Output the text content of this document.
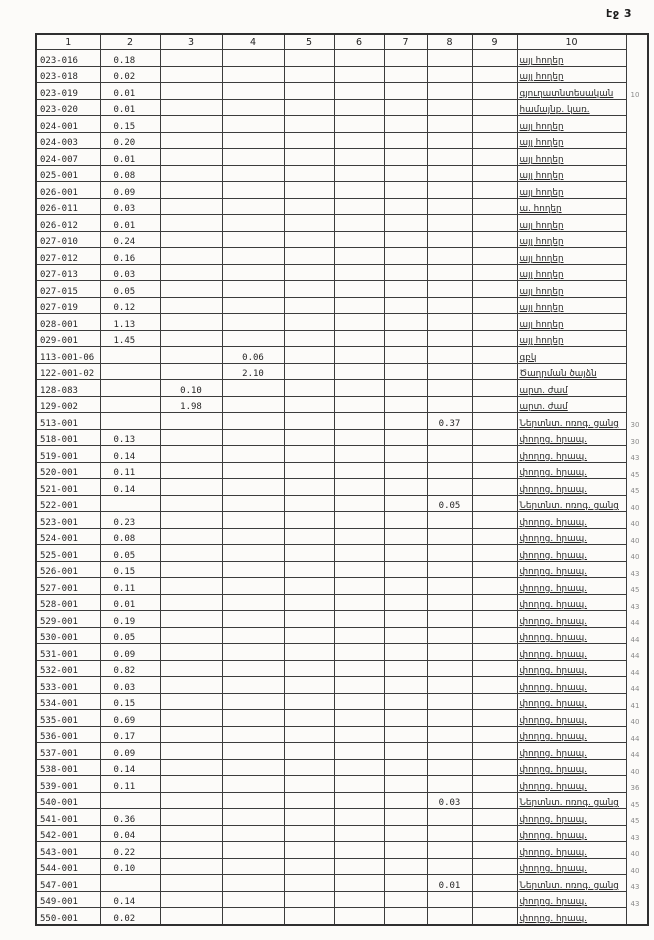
էջ 3
1	2	3	4	5	6	7	8	9	10	
023-016	0.18								այլ հողեր	
023-018	0.02								այլ հողեր	
023-019	0.01								գյուղատնտեսական	10
023-020	0.01								համայնք. կառ.	
024-001	0.15								այլ հողեր	
024-003	0.20								այլ հողեր	
024-007	0.01								այլ հողեր	
025-001	0.08								այլ հողեր	
026-001	0.09								այլ հողեր	
026-011	0.03								ա. հողեր	
026-012	0.01								այլ հողեր	
027-010	0.24								այլ հողեր	
027-012	0.16								այլ հողեր	
027-013	0.03								այլ հողեր	
027-015	0.05								այլ հողեր	
027-019	0.12								այլ հողեր	
028-001	1.13								այլ հողեր	
029-001	1.45								այլ հողեր	
113-001-06			0.06						գբկ	
122-001-02			2.10						Ծաղրման ծայձն	
128-083		0.10							արտ. ժամ	
129-002		1.98							արտ. ժամ	
513-001							0.37		Ներտնտ. ոռոգ. ցանց	30
518-001	0.13								փողոց. հրապ.	30
519-001	0.14								փողոց. հրապ.	43
520-001	0.11								փողոց. հրապ.	45
521-001	0.14								փողոց. հրապ.	45
522-001							0.05		Ներտնտ. ոռոգ. ցանց	40
523-001	0.23								փողոց. հրապ.	40
524-001	0.08								փողոց. հրապ.	40
525-001	0.05								փողոց. հրապ.	40
526-001	0.15								փողոց. հրապ.	43
527-001	0.11								փողոց. հրապ.	45
528-001	0.01								փողոց. հրապ.	43
529-001	0.19								փողոց. հրապ.	44
530-001	0.05								փողոց. հրապ.	44
531-001	0.09								փողոց. հրապ.	44
532-001	0.82								փողոց. հրապ.	44
533-001	0.03								փողոց. հրապ.	44
534-001	0.15								փողոց. հրապ.	41
535-001	0.69								փողոց. հրապ.	40
536-001	0.17								փողոց. հրապ.	44
537-001	0.09								փողոց. հրապ.	44
538-001	0.14								փողոց. հրապ.	40
539-001	0.11								փողոց. հրապ.	36
540-001							0.03		Ներտնտ. ոռոգ. ցանց	45
541-001	0.36								փողոց. հրապ.	45
542-001	0.04								փողոց. հրապ.	43
543-001	0.22								փողոց. հրապ.	40
544-001	0.10								փողոց. հրապ.	40
547-001							0.01		Ներտնտ. ոռոգ. ցանց	43
549-001	0.14								փողոց. հրապ.	43
550-001	0.02								փողոց. հրապ.	
